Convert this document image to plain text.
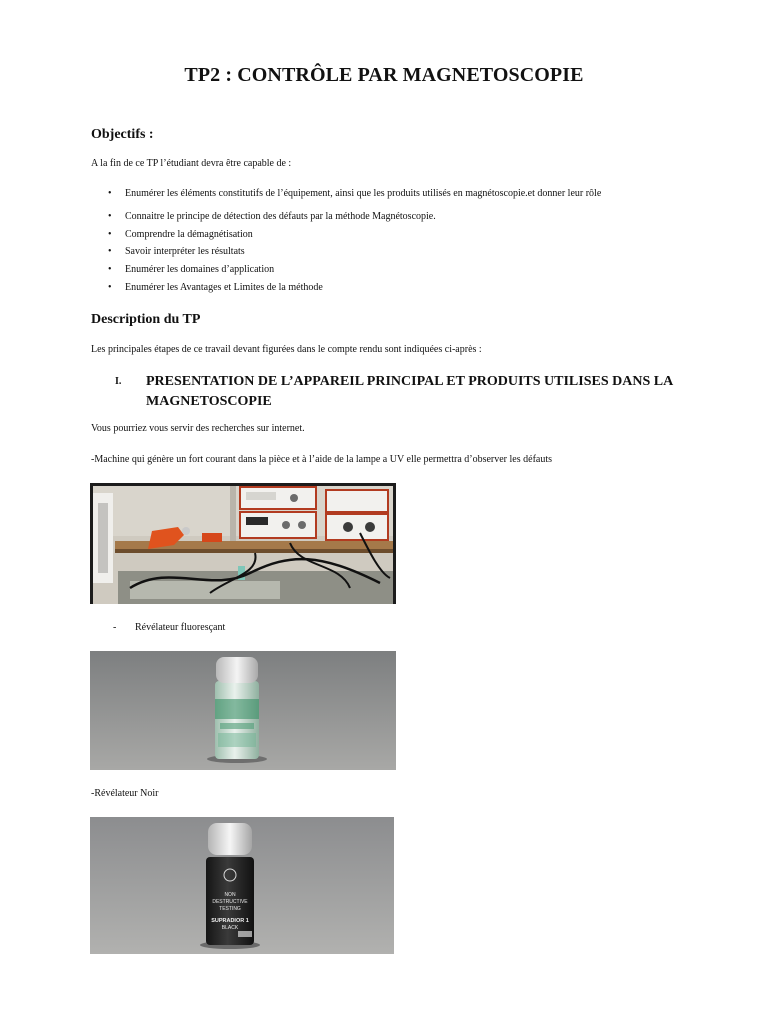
TP2 : CONTRÔLE PAR MAGNETOSCOPIE
Objectifs :
A la fin de ce TP l’étudiant devra être capable de :
• Enumérer les éléments constitutifs de l’équipement, ainsi que les produits utilisés en magnétoscopie.et donner leur rôle
• Connaitre le principe de détection des défauts par la méthode Magnétoscopie.
• Comprendre la démagnétisation
• Savoir interpréter les résultats
• Enumérer les domaines d’application
• Enumérer les Avantages et Limites de la méthode
Description du TP
Les principales étapes de ce travail devant figurées dans le compte rendu sont indiquées ci-après :
I. PRESENTATION DE L’APPAREIL PRINCIPAL ET PRODUITS UTILISES DANS LA MAGNETOSCOPIE
Vous pourriez vous servir des recherches sur internet.
-Machine qui génère un fort courant dans la pièce et à l’aide de la lampe a UV elle permettra d’observer les défauts
- Révélateur fluoresçant
-Révélateur Noir
NON
DESTRUCTIVE
TESTING
SUPRADIOR 1
BLACK
